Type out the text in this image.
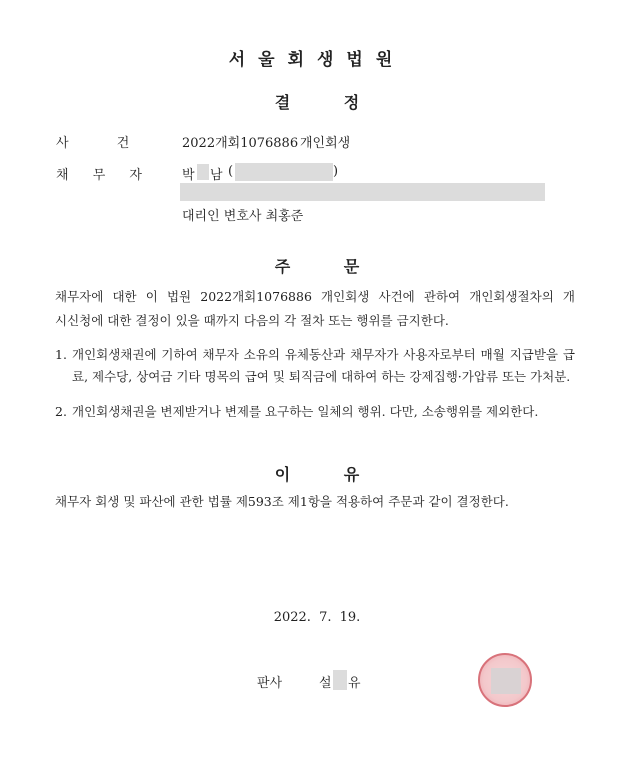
서울회생법원
결 정
사 건	2022개회1076886 개인회생
채 무 자	박 남 (	)
대리인 변호사 최홍준
주 문
채무자에 대한 이 법원 2022개회1076886 개인회생 사건에 관하여 개인회생절차의 개
시신청에 대한 결정이 있을 때까지 다음의 각 절차 또는 행위를 금지한다.
1. 개인회생채권에 기하여 채무자 소유의 유체동산과 채무자가 사용자로부터 매월 지급받을 급료, 제수당, 상여금 기타 명목의 급여 및 퇴직금에 대하여 하는 강제집행·가압류 또는 가처분.
2. 개인회생채권을 변제받거나 변제를 요구하는 일체의 행위. 다만, 소송행위를 제외한다.
이 유
채무자 회생 및 파산에 관한 법률 제593조 제1항을 적용하여 주문과 같이 결정한다.
2022. 7. 19.
판사	설 유
